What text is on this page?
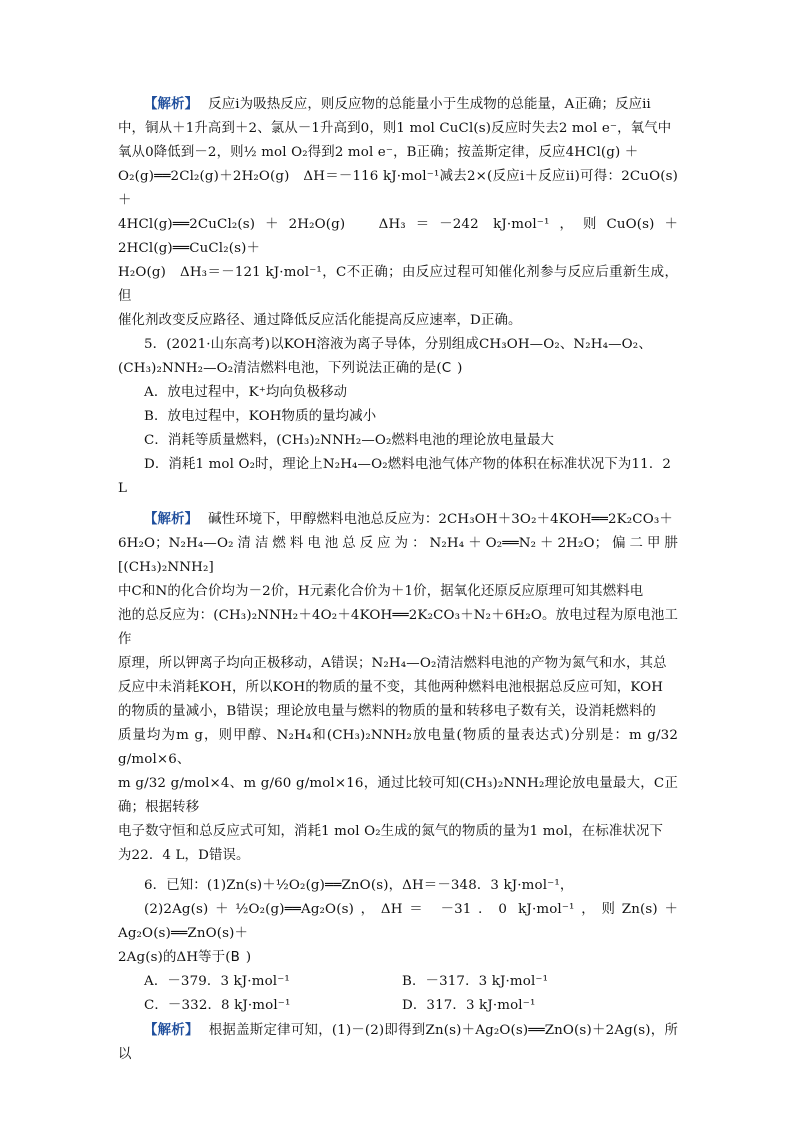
【解析】 反应ⅰ为吸热反应，则反应物的总能量小于生成物的总能量，A正确；反应ⅱ

中，铜从＋1升高到＋2、氯从－1升高到0，则1 mol CuCl(s)反应时失去2 mol e⁻，氧气中

氧从0降低到－2，则½ mol O₂得到2 mol e⁻，B正确；按盖斯定律，反应4HCl(g) ＋

O₂(g)══2Cl₂(g)＋2H₂O(g)　ΔH＝－116 kJ·mol⁻¹减去2×(反应ⅰ＋反应ⅱ)可得：2CuO(s)＋

4HCl(g)══2CuCl₂(s)＋2H₂O(g)　ΔH₃＝－242 kJ·mol⁻¹，则CuO(s)＋2HCl(g)══CuCl₂(s)＋

H₂O(g)　ΔH₃＝－121 kJ·mol⁻¹，C不正确；由反应过程可知催化剂参与反应后重新生成，但

催化剂改变反应路径、通过降低反应活化能提高反应速率，D正确。

5．(2021·山东高考)以KOH溶液为离子导体，分别组成CH₃OH—O₂、N₂H₄—O₂、

(CH₃)₂NNH₂—O₂清洁燃料电池，下列说法正确的是(C)

A．放电过程中，K⁺均向负极移动

B．放电过程中，KOH物质的量均减小

C．消耗等质量燃料，(CH₃)₂NNH₂—O₂燃料电池的理论放电量最大

D．消耗1 mol O₂时，理论上N₂H₄—O₂燃料电池气体产物的体积在标准状况下为11．2

L

【解析】 碱性环境下，甲醇燃料电池总反应为：2CH₃OH＋3O₂＋4KOH══2K₂CO₃＋

6H₂O；N₂H₄—O₂清洁燃料电池总反应为：N₂H₄＋O₂══N₂＋2H₂O；偏二甲肼[(CH₃)₂NNH₂]

中C和N的化合价均为－2价，H元素化合价为＋1价，据氧化还原反应原理可知其燃料电

池的总反应为：(CH₃)₂NNH₂＋4O₂＋4KOH══2K₂CO₃＋N₂＋6H₂O。放电过程为原电池工作

原理，所以钾离子均向正极移动，A错误；N₂H₄—O₂清洁燃料电池的产物为氮气和水，其总

反应中未消耗KOH，所以KOH的物质的量不变，其他两种燃料电池根据总反应可知，KOH

的物质的量减小，B错误；理论放电量与燃料的物质的量和转移电子数有关，设消耗燃料的

质量均为m g，则甲醇、N₂H₄和(CH₃)₂NNH₂放电量(物质的量表达式)分别是：m g/32 g/mol×6、

m g/32 g/mol×4、m g/60 g/mol×16，通过比较可知(CH₃)₂NNH₂理论放电量最大，C正确；根据转移

电子数守恒和总反应式可知，消耗1 mol O₂生成的氮气的物质的量为1 mol，在标准状况下

为22．4 L，D错误。

6．已知：(1)Zn(s)＋½O₂(g)══ZnO(s)，ΔH＝－348．3 kJ·mol⁻¹，

(2)2Ag(s)＋½O₂(g)══Ag₂O(s)，ΔH＝ －31．0 kJ·mol⁻¹，则Zn(s)＋Ag₂O(s)══ZnO(s)＋

2Ag(s)的ΔH等于(B)

A．－379．3 kJ·mol⁻¹	B．－317．3 kJ·mol⁻¹
C．－332．8 kJ·mol⁻¹	D．317．3 kJ·mol⁻¹

【解析】 根据盖斯定律可知，(1)－(2)即得到Zn(s)＋Ag₂O(s)══ZnO(s)＋2Ag(s)，所以
